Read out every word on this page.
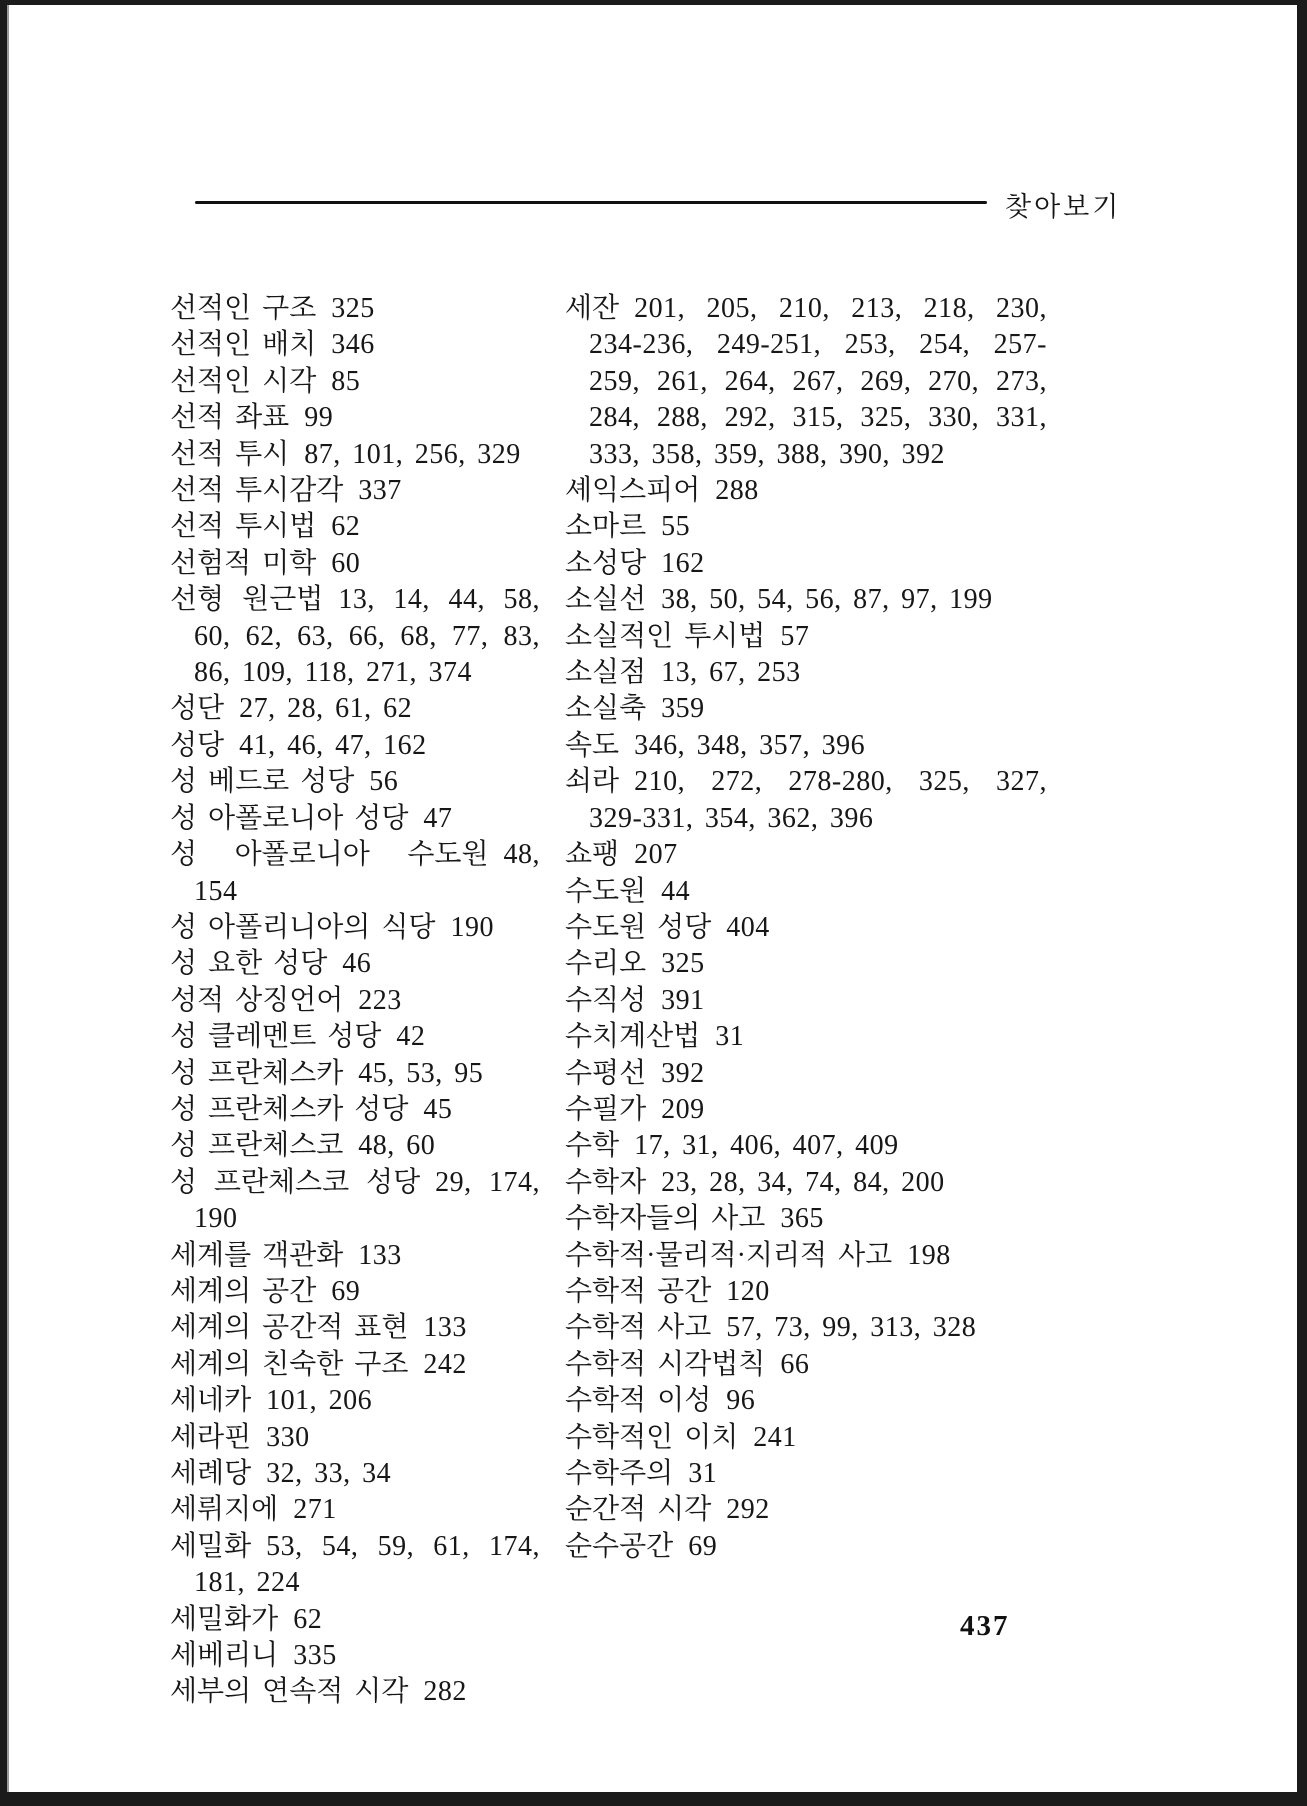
찾아보기
선적인 구조 325
선적인 배치 346
선적인 시각 85
선적 좌표 99
선적 투시 87, 101, 256, 329
선적 투시감각 337
선적 투시법 62
선험적 미학 60
선형 원근법 13, 14, 44, 58, 60, 62, 63, 66, 68, 77, 83, 86, 109, 118, 271, 374
성단 27, 28, 61, 62
성당 41, 46, 47, 162
성 베드로 성당 56
성 아폴로니아 성당 47
성 아폴로니아 수도원 48, 154
성 아폴리니아의 식당 190
성 요한 성당 46
성적 상징언어 223
성 클레멘트 성당 42
성 프란체스카 45, 53, 95
성 프란체스카 성당 45
성 프란체스코 48, 60
성 프란체스코 성당 29, 174, 190
세계를 객관화 133
세계의 공간 69
세계의 공간적 표현 133
세계의 친숙한 구조 242
세네카 101, 206
세라핀 330
세례당 32, 33, 34
세뤼지에 271
세밀화 53, 54, 59, 61, 174, 181, 224
세밀화가 62
세베리니 335
세부의 연속적 시각 282
세잔 201, 205, 210, 213, 218, 230, 234-236, 249-251, 253, 254, 257-259, 261, 264, 267, 269, 270, 273, 284, 288, 292, 315, 325, 330, 331, 333, 358, 359, 388, 390, 392
셰익스피어 288
소마르 55
소성당 162
소실선 38, 50, 54, 56, 87, 97, 199
소실적인 투시법 57
소실점 13, 67, 253
소실축 359
속도 346, 348, 357, 396
쇠라 210, 272, 278-280, 325, 327, 329-331, 354, 362, 396
쇼팽 207
수도원 44
수도원 성당 404
수리오 325
수직성 391
수치계산법 31
수평선 392
수필가 209
수학 17, 31, 406, 407, 409
수학자 23, 28, 34, 74, 84, 200
수학자들의 사고 365
수학적·물리적·지리적 사고 198
수학적 공간 120
수학적 사고 57, 73, 99, 313, 328
수학적 시각법칙 66
수학적 이성 96
수학적인 이치 241
수학주의 31
순간적 시각 292
순수공간 69
437
